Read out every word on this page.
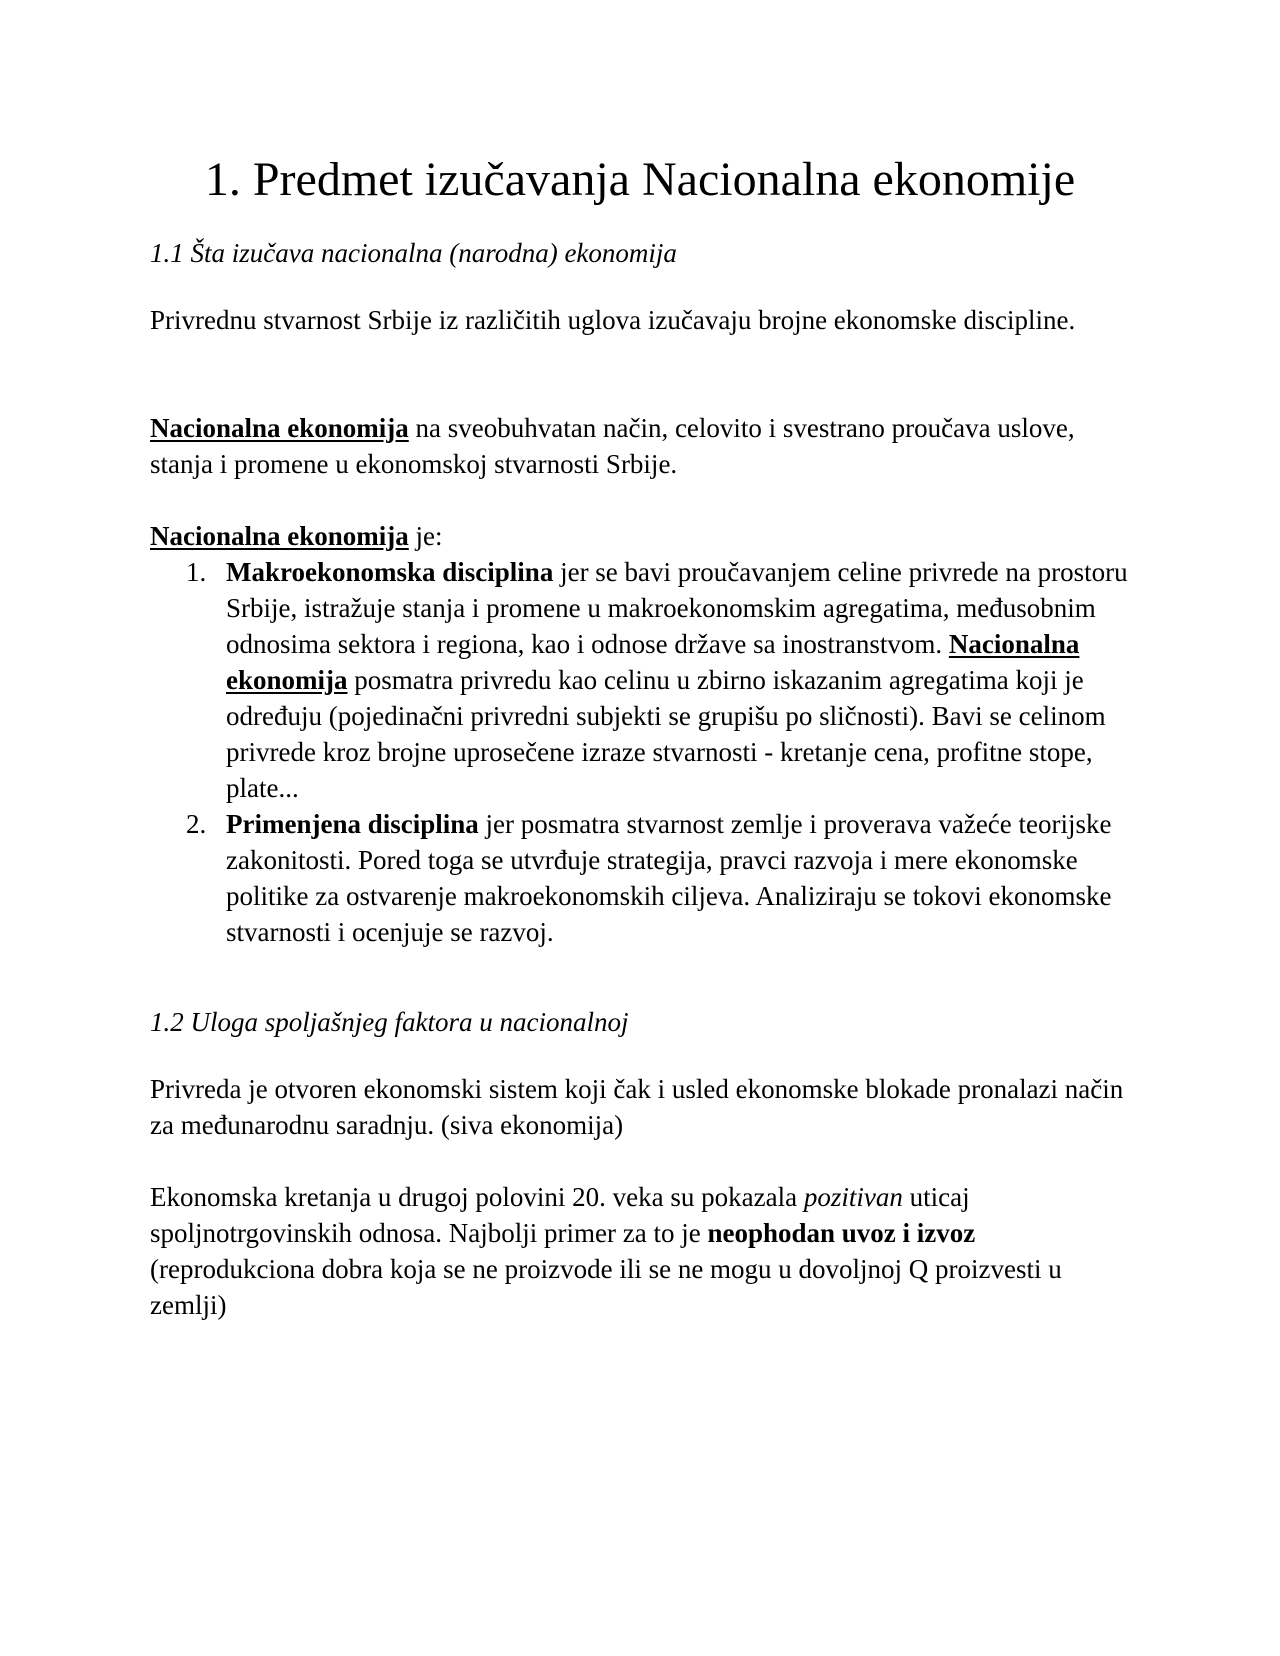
1. Predmet izučavanja Nacionalna ekonomije
1.1 Šta izučava nacionalna (narodna) ekonomija

Privrednu stvarnost Srbije iz različitih uglova izučavaju brojne ekonomske discipline.

Nacionalna ekonomija na sveobuhvatan način, celovito i svestrano proučava uslove, stanja i promene u ekonomskoj stvarnosti Srbije.

Nacionalna ekonomija je:

1. Makroekonomska disciplina jer se bavi proučavanjem celine privrede na prostoru Srbije, istražuje stanja i promene u makroekonomskim agregatima, međusobnim odnosima sektora i regiona, kao i odnose države sa inostranstvom. Nacionalna ekonomija posmatra privredu kao celinu u zbirno iskazanim agregatima koji je određuju (pojedinačni privredni subjekti se grupišu po sličnosti). Bavi se celinom privrede kroz brojne uprosečene izraze stvarnosti - kretanje cena, profitne stope, plate...
2. Primenjena disciplina jer posmatra stvarnost zemlje i proverava važeće teorijske zakonitosti. Pored toga se utvrđuje strategija, pravci razvoja i mere ekonomske politike za ostvarenje makroekonomskih ciljeva. Analiziraju se tokovi ekonomske stvarnosti i ocenjuje se razvoj.
1.2 Uloga spoljašnjeg faktora u nacionalnoj

Privreda je otvoren ekonomski sistem koji čak i usled ekonomske blokade pronalazi način za međunarodnu saradnju. (siva ekonomija)

Ekonomska kretanja u drugoj polovini 20. veka su pokazala pozitivan uticaj spoljnotrgovinskih odnosa. Najbolji primer za to je neophodan uvoz i izvoz (reprodukciona dobra koja se ne proizvode ili se ne mogu u dovoljnoj Q proizvesti u zemlji)
